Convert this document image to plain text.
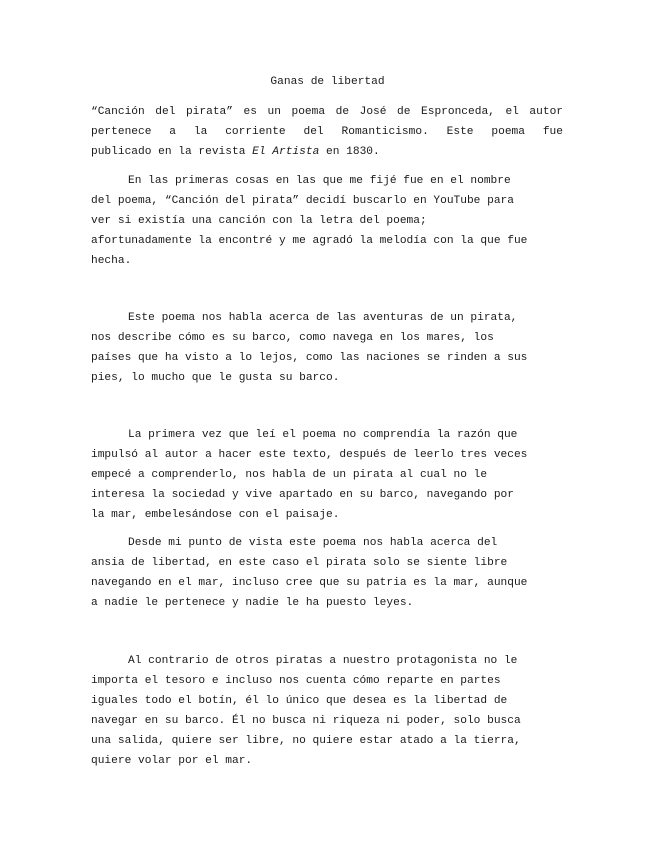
Ganas de libertad

“Canción del pirata” es un poema de José de Espronceda, el autor
pertenece a la corriente del Romanticismo. Este poema fue
publicado en la revista El Artista en 1830.

En las primeras cosas en las que me fijé fue en el nombre
del poema, “Canción del pirata” decidí buscarlo en YouTube para
ver si existía una canción con la letra del poema;
afortunadamente la encontré y me agradó la melodía con la que fue
hecha.

Este poema nos habla acerca de las aventuras de un pirata,
nos describe cómo es su barco, como navega en los mares, los
países que ha visto a lo lejos, como las naciones se rinden a sus
pies, lo mucho que le gusta su barco.

La primera vez que leí el poema no comprendía la razón que
impulsó al autor a hacer este texto, después de leerlo tres veces
empecé a comprenderlo, nos habla de un pirata al cual no le
interesa la sociedad y vive apartado en su barco, navegando por
la mar, embelesándose con el paisaje.

Desde mi punto de vista este poema nos habla acerca del
ansia de libertad, en este caso el pirata solo se siente libre
navegando en el mar, incluso cree que su patria es la mar, aunque
a nadie le pertenece y nadie le ha puesto leyes.

Al contrario de otros piratas a nuestro protagonista no le
importa el tesoro e incluso nos cuenta cómo reparte en partes
iguales todo el botín, él lo único que desea es la libertad de
navegar en su barco. Él no busca ni riqueza ni poder, solo busca
una salida, quiere ser libre, no quiere estar atado a la tierra,
quiere volar por el mar.
